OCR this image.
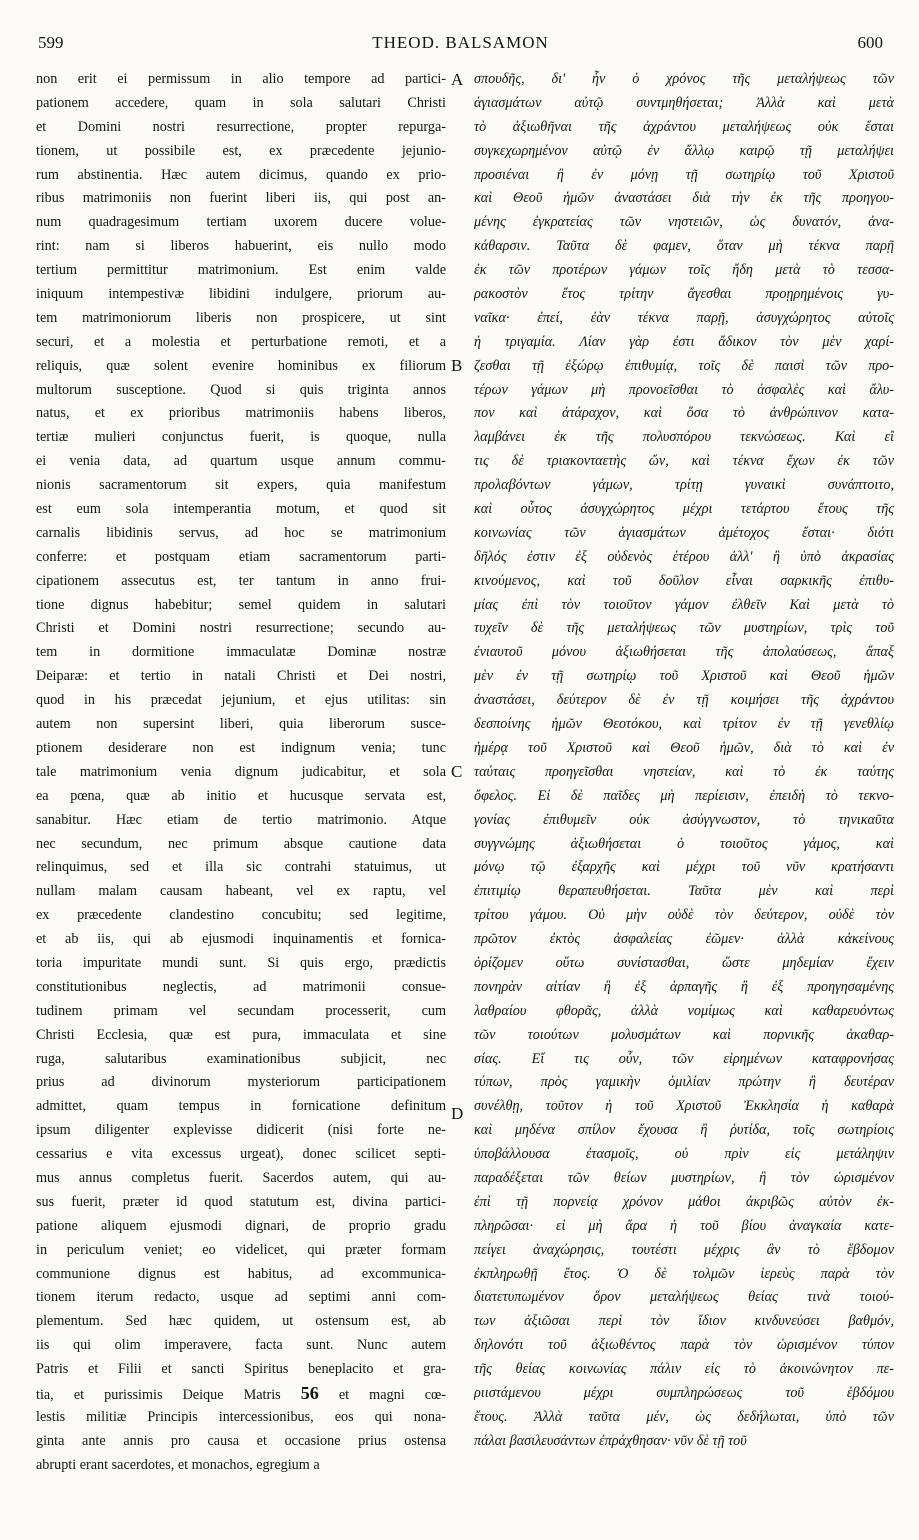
599	THEOD. BALSAMON	600
non erit ei permissum in alio tempore ad partici-
pationem accedere, quam in sola salutari Christi
et Domini nostri resurrectione, propter repurga-
tionem, ut possibile est, ex præcedente jejunio-
rum abstinentia. Hæc autem dicimus, quando ex prio-
ribus matrimoniis non fuerint liberi iis, qui post an-
num quadragesimum tertiam uxorem ducere volue-
rint: nam si liberos habuerint, eis nullo modo
tertium permittitur matrimonium. Est enim valde
iniquum intempestivæ libidini indulgere, priorum au-
tem matrimoniorum liberis non prospicere, ut sint
securi, et a molestia et perturbatione remoti, et a
reliquis, quæ solent evenire hominibus ex filiorum
multorum susceptione. Quod si quis triginta annos
natus, et ex prioribus matrimoniis habens liberos,
tertiæ mulieri conjunctus fuerit, is quoque, nulla
ei venia data, ad quartum usque annum commu-
nionis sacramentorum sit expers, quia manifestum
est eum sola intemperantia motum, et quod sit
carnalis libidinis servus, ad hoc se matrimonium
conferre: et postquam etiam sacramentorum parti-
cipationem assecutus est, ter tantum in anno frui-
tione dignus habebitur; semel quidem in salutari
Christi et Domini nostri resurrectione; secundo au-
tem in dormitione immaculatæ Dominæ nostræ
Deiparæ: et tertio in natali Christi et Dei nostri,
quod in his præcedat jejunium, et ejus utilitas: sin
autem non supersint liberi, quia liberorum susce-
ptionem desiderare non est indignum venia; tunc
tale matrimonium venia dignum judicabitur, et sola
ea pœna, quæ ab initio et hucusque servata est,
sanabitur. Hæc etiam de tertio matrimonio. Atque
nec secundum, nec primum absque cautione data
relinquimus, sed et illa sic contrahi statuimus, ut
nullam malam causam habeant, vel ex raptu, vel
ex præcedente clandestino concubitu; sed legitime,
et ab iis, qui ab ejusmodi inquinamentis et fornica-
toria impuritate mundi sunt. Si quis ergo, prædictis
constitutionibus neglectis, ad matrimonii consue-
tudinem primam vel secundam processerit, cum
Christi Ecclesia, quæ est pura, immaculata et sine
ruga, salutaribus examinationibus subjicit, nec
prius ad divinorum mysteriorum participationem
admittet, quam tempus in fornicatione definitum
ipsum diligenter explevisse didicerit (nisi forte ne-
cessarius e vita excessus urgeat), donec scilicet septi-
mus annus completus fuerit. Sacerdos autem, qui au-
sus fuerit, præter id quod statutum est, divina partici-
patione aliquem ejusmodi dignari, de proprio gradu
in periculum veniet; eo videlicet, qui præter formam
communione dignus est habitus, ad excommunica-
tionem iterum redacto, usque ad septimi anni com-
plementum. Sed hæc quidem, ut ostensum est, ab
iis qui olim imperavere, facta sunt. Nunc autem
Patris et Filii et sancti Spiritus beneplacito et gra-
tia, et purissimis Deique Matris 56 et magni cœ-
lestis militiæ Principis intercessionibus, eos qui nona-
ginta ante annis pro causa et occasione prius ostensa
abrupti erant sacerdotes, et monachos, egregium a
σπουδῆς, δι' ἧν ὁ χρόνος τῆς μεταλήψεως τῶν
ἁγιασμάτων αὐτῷ συντμηθήσεται; Ἀλλὰ καὶ μετὰ
τὸ ἀξιωθῆναι τῆς ἀχράντου μεταλήψεως οὐκ ἔσται
συγκεχωρημένον αὐτῷ ἐν ἄλλῳ καιρῷ τῇ μεταλήψει
προσιέναι ἢ ἐν μόνῃ τῇ σωτηρίῳ τοῦ Χριστοῦ
καὶ Θεοῦ ἡμῶν ἀναστάσει διὰ τὴν ἐκ τῆς προηγου-
μένης ἐγκρατείας τῶν νηστειῶν, ὡς δυνατόν, ἀνα-
κάθαρσιν. Ταῦτα δὲ φαμεν, ὅταν μὴ τέκνα παρῇ
ἐκ τῶν προτέρων γάμων τοῖς ἤδη μετὰ τὸ τεσσα-
ρακοστὸν ἔτος τρίτην ἄγεσθαι προῃρημένοις γυ-
ναῖκα· ἐπεί, ἐὰν τέκνα παρῇ, ἀσυγχώρητος αὐτοῖς
ἡ τριγαμία. Λίαν γὰρ ἐστι ἄδικον τὸν μὲν χαρί-
ζεσθαι τῇ ἐξώρῳ ἐπιθυμίᾳ, τοῖς δὲ παισὶ τῶν προ-
τέρων γάμων μὴ προνοεῖσθαι τὸ ἀσφαλὲς καὶ ἄλυ-
πον καὶ ἀτάραχον, καὶ ὅσα τὸ ἀνθρώπινον κατα-
λαμβάνει ἐκ τῆς πολυσπόρου τεκνώσεως. Καὶ εἴ
τις δὲ τριακονταετὴς ὤν, καὶ τέκνα ἔχων ἐκ τῶν
προλαβόντων γάμων, τρίτῃ γυναικὶ συνάπτοιτο,
καὶ οὗτος ἀσυγχώρητος μέχρι τετάρτου ἔτους τῆς
κοινωνίας τῶν ἁγιασμάτων ἀμέτοχος ἔσται· διότι
δῆλός ἐστιν ἐξ οὐδενὸς ἑτέρου ἀλλ' ἢ ὑπὸ ἀκρασίας
κινούμενος, καὶ τοῦ δοῦλον εἶναι σαρκικῆς ἐπιθυ-
μίας ἐπὶ τὸν τοιοῦτον γάμον ἐλθεῖν Καὶ μετὰ τὸ
τυχεῖν δὲ τῆς μεταλήψεως τῶν μυστηρίων, τρὶς τοῦ
ἐνιαυτοῦ μόνου ἀξιωθήσεται τῆς ἀπολαύσεως, ἅπαξ
μὲν ἐν τῇ σωτηρίῳ τοῦ Χριστοῦ καὶ Θεοῦ ἡμῶν
ἀναστάσει, δεύτερον δὲ ἐν τῇ κοιμήσει τῆς ἀχράντου
δεσποίνης ἡμῶν Θεοτόκου, καὶ τρίτον ἐν τῇ γενεθλίῳ
ἡμέρᾳ τοῦ Χριστοῦ καὶ Θεοῦ ἡμῶν, διὰ τὸ καὶ ἐν
ταύταις προηγεῖσθαι νηστείαν, καὶ τὸ ἐκ ταύτης
ὄφελος. Εἰ δὲ παῖδες μὴ περίεισιν, ἐπειδὴ τὸ τεκνο-
γονίας ἐπιθυμεῖν οὐκ ἀσύγγνωστον, τὸ τηνικαῦτα
συγγνώμης ἀξιωθήσεται ὁ τοιοῦτος γάμος, καὶ
μόνῳ τῷ ἐξαρχῆς καὶ μέχρι τοῦ νῦν κρατήσαντι
ἐπιτιμίῳ θεραπευθήσεται. Ταῦτα μὲν καὶ περὶ
τρίτου γάμου. Οὐ μὴν οὐδὲ τὸν δεύτερον, οὐδὲ τὸν
πρῶτον ἐκτὸς ἀσφαλείας ἐῶμεν· ἀλλὰ κἀκείνους
ὁρίζομεν οὕτω συνίστασθαι, ὥστε μηδεμίαν ἔχειν
πονηρὰν αἰτίαν ἢ ἐξ ἁρπαγῆς ἢ ἐξ προηγησαμένης
λαθραίου φθορᾶς, ἀλλὰ νομίμως καὶ καθαρευόντως
τῶν τοιούτων μολυσμάτων καὶ πορνικῆς ἀκαθαρ-
σίας. Εἴ τις οὖν, τῶν εἰρημένων καταφρονήσας
τύπων, πρὸς γαμικὴν ὁμιλίαν πρώτην ἢ δευτέραν
συνέλθῃ, τοῦτον ἡ τοῦ Χριστοῦ Ἐκκλησία ἡ καθαρὰ
καὶ μηδένα σπίλον ἔχουσα ἢ ῥυτίδα, τοῖς σωτηρίοις
ὑποβάλλουσα ἐτασμοῖς, οὐ πρὶν εἰς μετάληψιν
παραδέξεται τῶν θείων μυστηρίων, ἢ τὸν ὡρισμένον
ἐπὶ τῇ πορνείᾳ χρόνον μάθοι ἀκριβῶς αὐτὸν ἐκ-
πληρῶσαι· εἰ μὴ ἄρα ἡ τοῦ βίου ἀναγκαία κατε-
πείγει ἀναχώρησις, τουτέστι μέχρις ἂν τὸ ἕβδομον
ἐκπληρωθῇ ἔτος. Ὁ δὲ τολμῶν ἱερεὺς παρὰ τὸν
διατετυπωμένον ὅρον μεταλήψεως θείας τινὰ τοιού-
των ἀξιῶσαι περὶ τὸν ἴδιον κινδυνεύσει βαθμόν,
δηλονότι τοῦ ἀξιωθέντος παρὰ τὸν ὡρισμένον τύπον
τῆς θείας κοινωνίας πάλιν εἰς τὸ ἀκοινώνητον πε-
ριιστάμενου μέχρι συμπληρώσεως τοῦ ἑβδόμου
ἔτους. Ἀλλὰ ταῦτα μέν, ὡς δεδήλωται, ὑπὸ τῶν
πάλαι βασιλευσάντων ἐπράχθησαν· νῦν δὲ τῇ τοῦ
A
B
C
D
